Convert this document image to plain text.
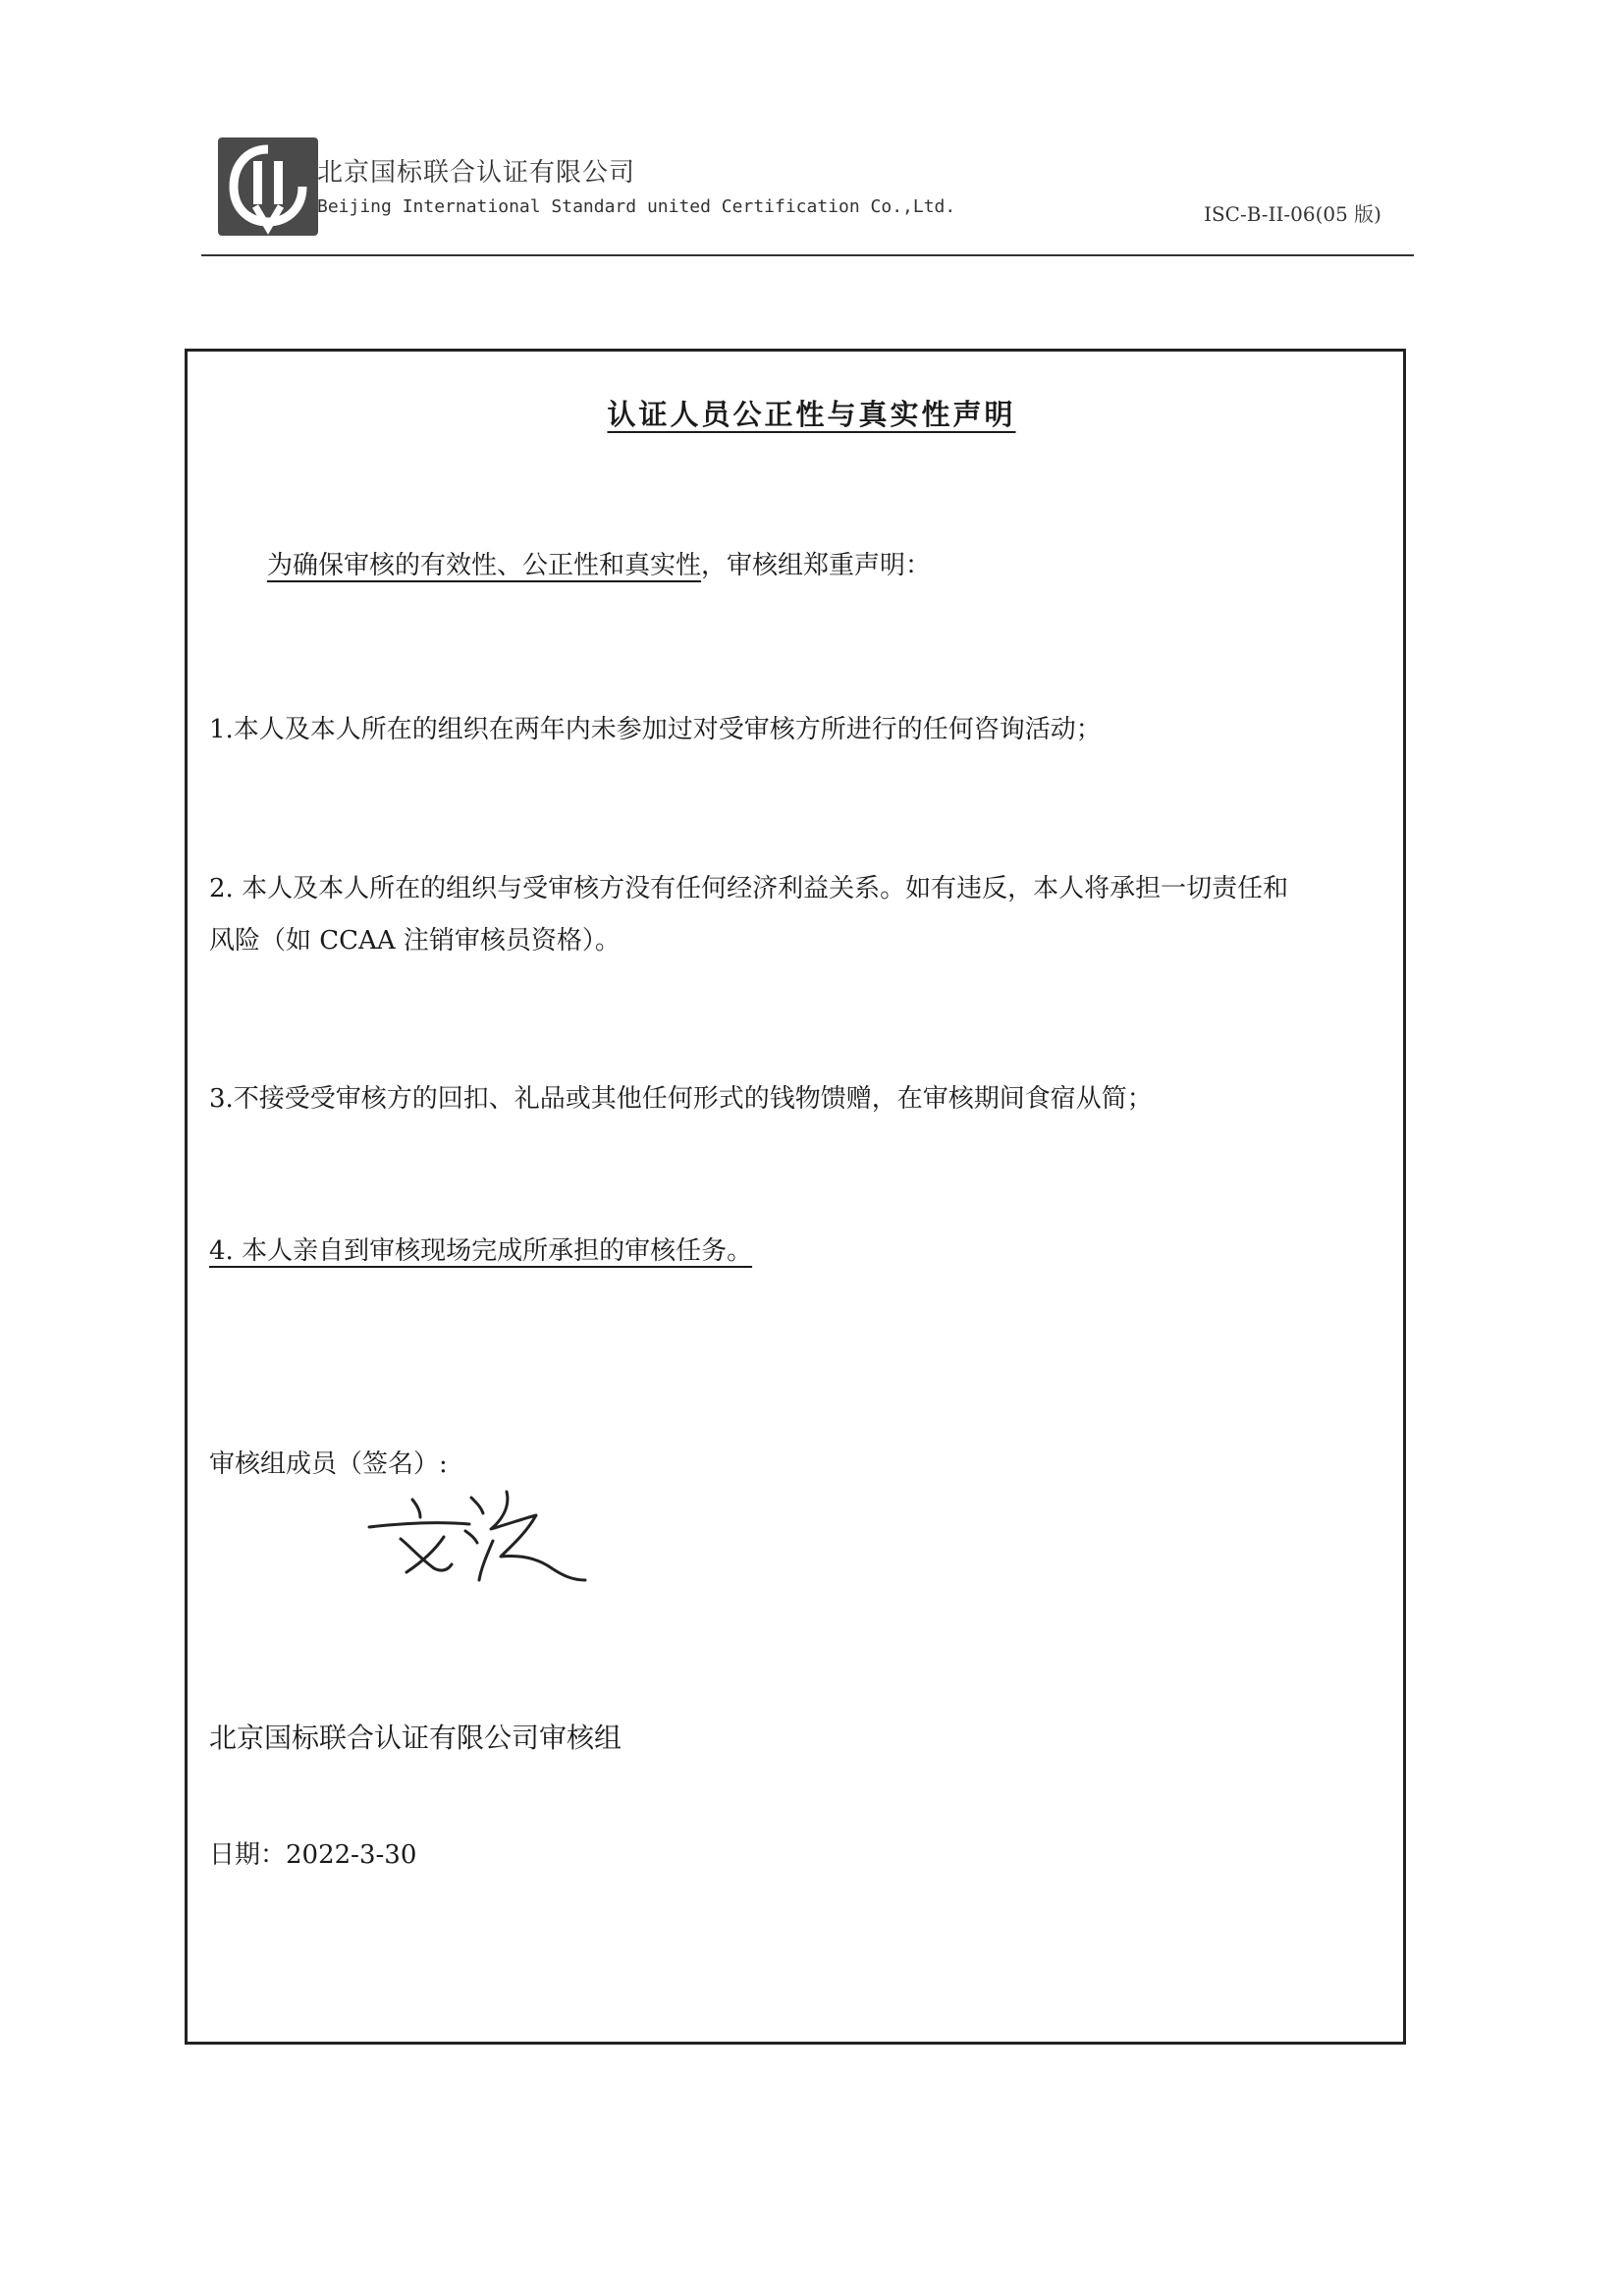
北京国标联合认证有限公司
Beijing International Standard united Certification Co.,Ltd.	ISC-B-II-06(05 版)
认证人员公正性与真实性声明
为确保审核的有效性、公正性和真实性，审核组郑重声明：
1.本人及本人所在的组织在两年内未参加过对受审核方所进行的任何咨询活动；
2. 本人及本人所在的组织与受审核方没有任何经济利益关系。如有违反，本人将承担一切责任和
风险（如 CCAA 注销审核员资格）。
3.不接受受审核方的回扣、礼品或其他任何形式的钱物馈赠，在审核期间食宿从简；
4. 本人亲自到审核现场完成所承担的审核任务。
审核组成员（签名）:
北京国标联合认证有限公司审核组
日期：2022-3-30
